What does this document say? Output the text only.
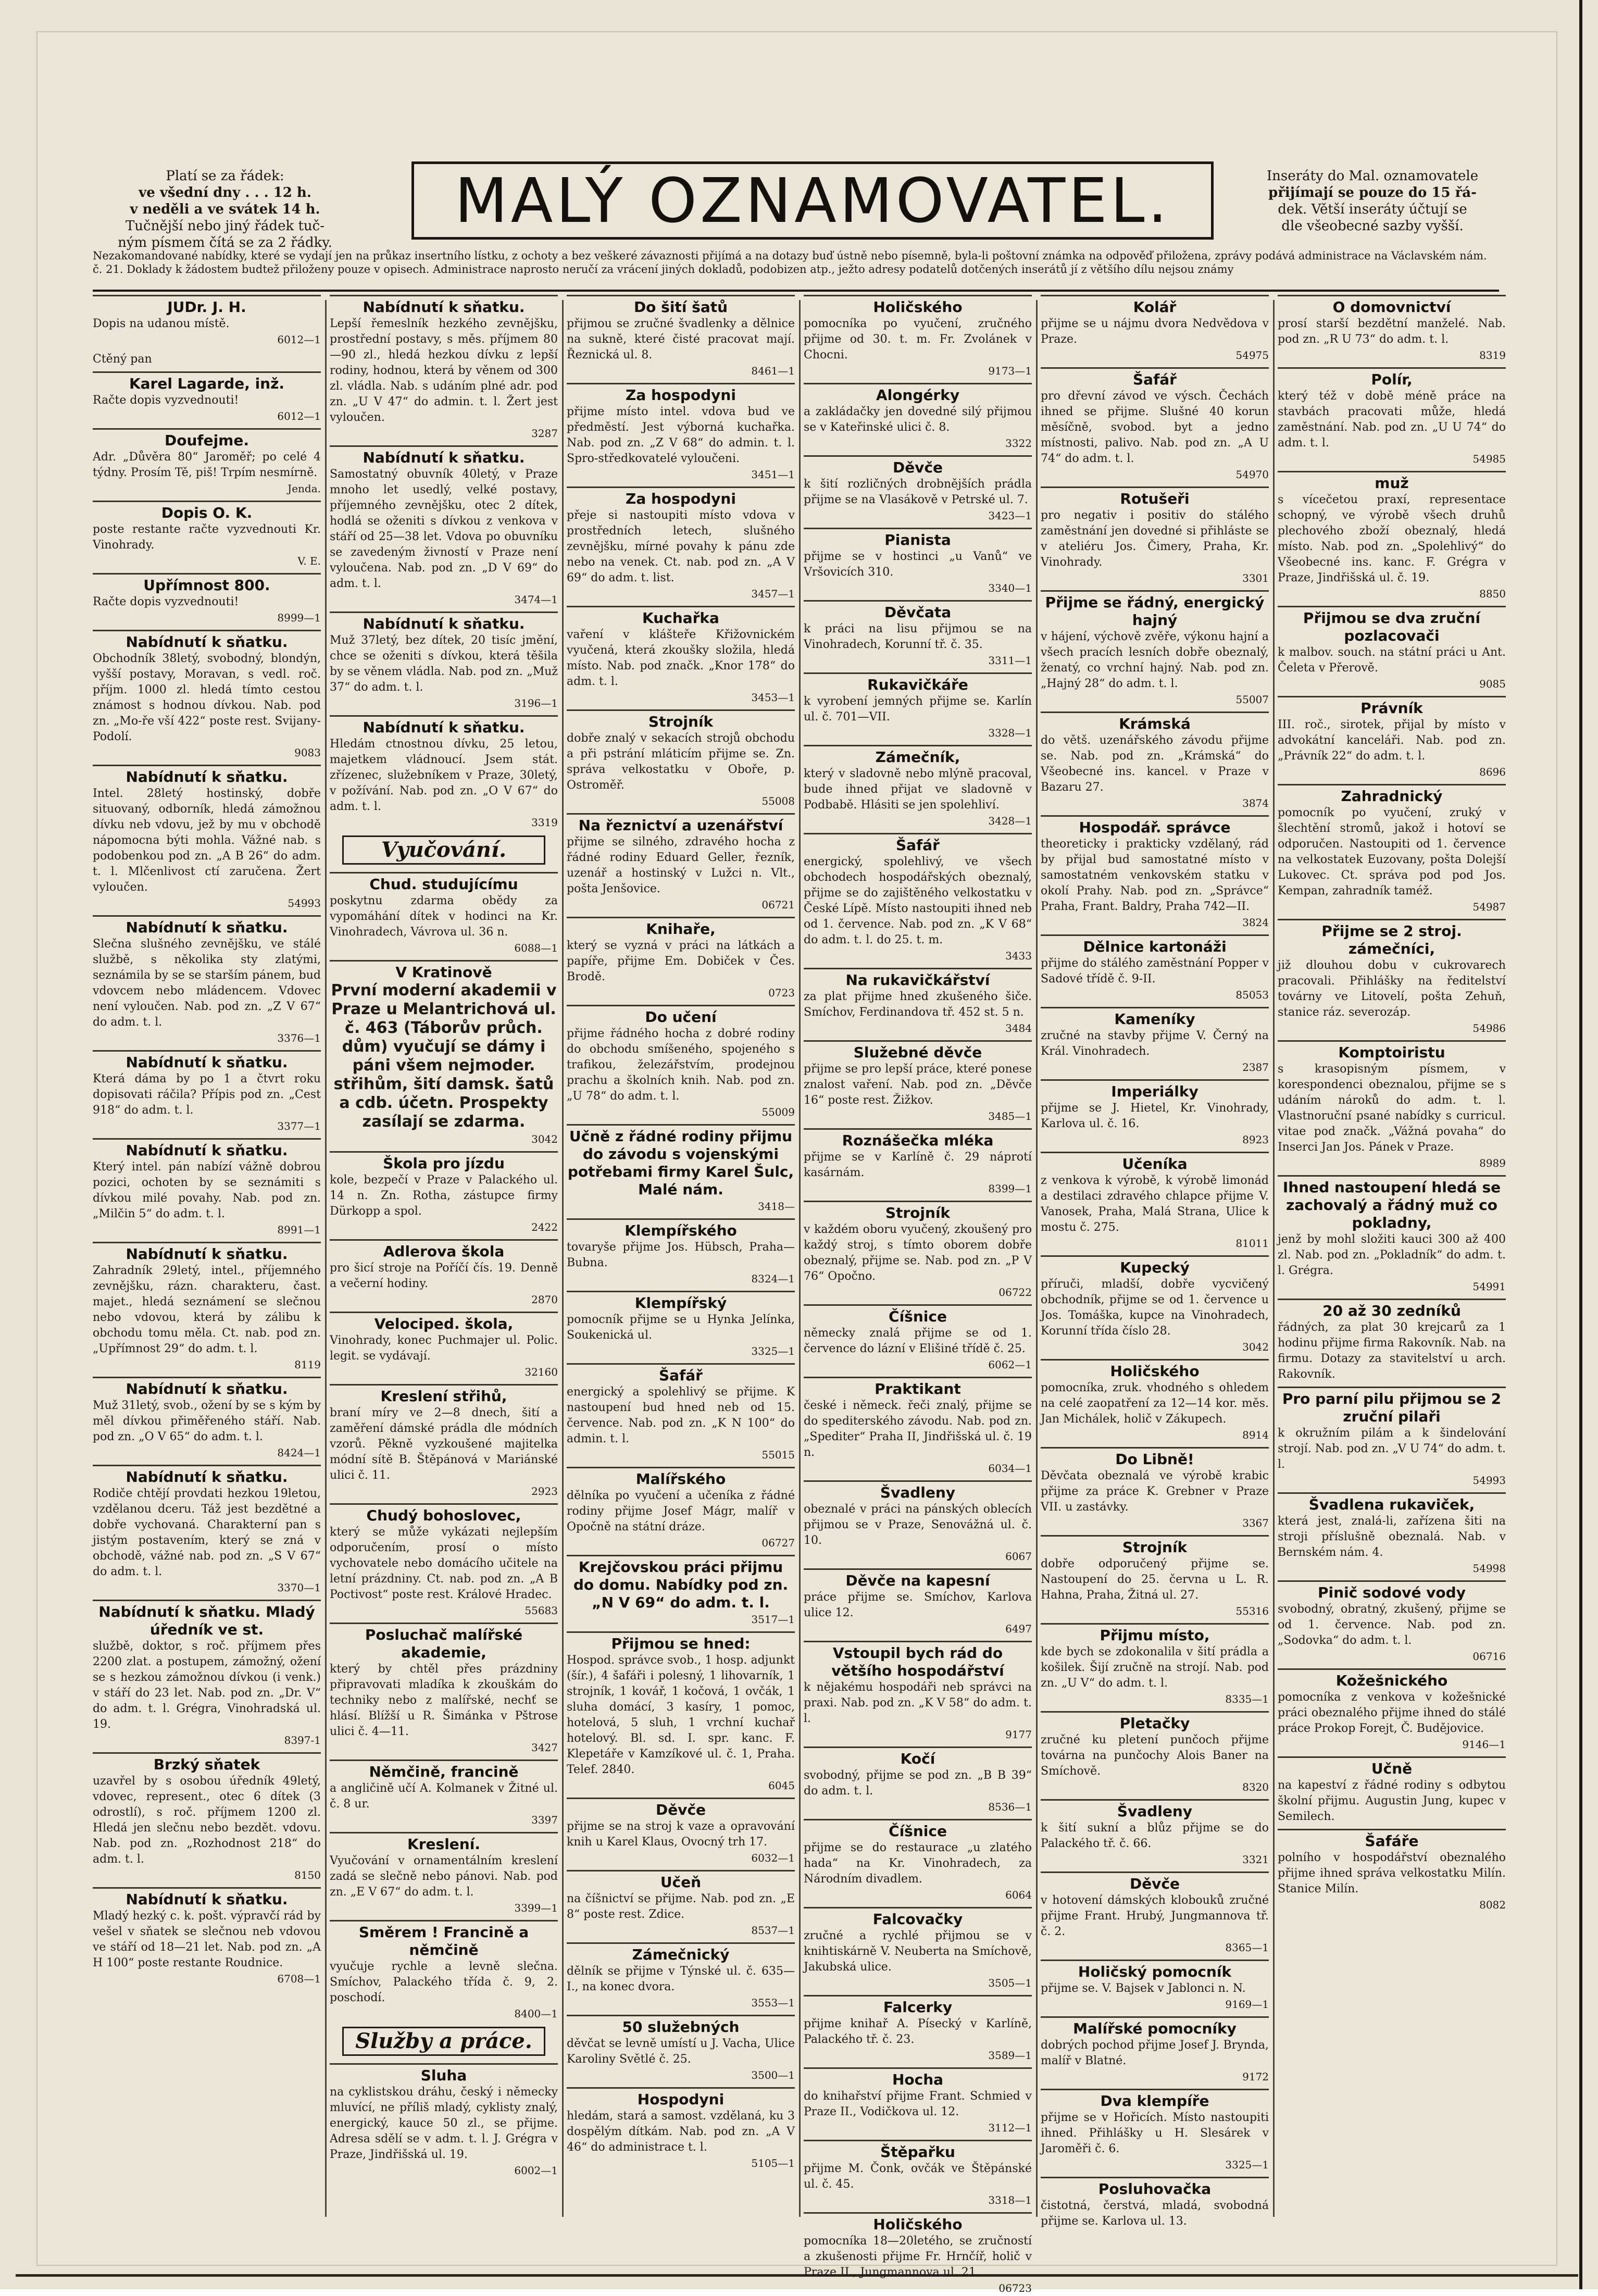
Platí se za řádek:
ve všední dny . . . 12 h.
v neděli a ve svátek 14 h.
Tučnější nebo jiný řádek tuč-
ným písmem čítá se za 2 řádky.
MALÝ OZNAMOVATEL.	Inseráty do Mal. oznamovatele
přijímají se pouze do 15 řá-
dek. Větší inseráty účtují se
dle všeobecné sazby vyšší.
Nezakomandované nabídky, které se vydají jen na průkaz insertního lístku, z ochoty a bez veškeré závaznosti přijímá a na dotazy buď ústně nebo písemně, byla-li poštovní známka na odpověď přiložena, zprávy podává administrace na Václavském nám. č. 21. Doklady k žádostem budtež přiloženy pouze v opisech. Administrace naprosto neručí za vrácení jiných dokladů, podobizen atp., ježto adresy podatelů dotčených inserátů jí z většího dílu nejsou známy
JUDr. J. H.

Dopis na udanou místě.

6012—1

Ctěný pan

Karel Lagarde, inž.

Račte dopis vyzvednouti!

6012—1
Doufejme.

Adr. „Důvěra 80“ Jaroměř; po celé 4 týdny. Prosím Tě, piš! Trpím nesmírně.

Jenda.
Dopis O. K.

poste restante račte vyzvednouti Kr. Vinohrady.

V. E.
Upřímnost 800.

Račte dopis vyzvednouti!

8999—1
Nabídnutí k sňatku.

Obchodník 38letý, svobodný, blondýn, vyšší postavy, Moravan, s vedl. roč. příjm. 1000 zl. hledá tímto cestou známost s hodnou dívkou. Nab. pod zn. „Mo-ře vší 422“ poste rest. Svijany-Podolí.

9083
Nabídnutí k sňatku.

Intel. 28letý hostinský, dobře situovaný, odborník, hledá zámožnou dívku neb vdovu, jež by mu v obchodě nápomocna býti mohla. Vážné nab. s podobenkou pod zn. „A B 26“ do adm. t. l. Mlčenlivost ctí zaručena. Žert vyloučen.

54993
Nabídnutí k sňatku.

Slečna slušného zevnějšku, ve stálé službě, s několika sty zlatými, seznámila by se se starším pánem, bud vdovcem nebo mládencem. Vdovec není vyloučen. Nab. pod zn. „Z V 67“ do adm. t. l.

3376—1
Nabídnutí k sňatku.

Která dáma by po 1 a čtvrt roku dopisovati ráčila? Přípis pod zn. „Cest 918“ do adm. t. l.

3377—1
Nabídnutí k sňatku.

Který intel. pán nabízí vážně dobrou pozici, ochoten by se seznámiti s dívkou milé povahy. Nab. pod zn. „Milčin 5“ do adm. t. l.

8991—1
Nabídnutí k sňatku.

Zahradník 29letý, intel., příjemného zevnějšku, rázn. charakteru, čast. majet., hledá seznámení se slečnou nebo vdovou, která by zálibu k obchodu tomu měla. Ct. nab. pod zn. „Upřímnost 29“ do adm. t. l.

8119
Nabídnutí k sňatku.

Muž 31letý, svob., ožení by se s kým by měl dívkou přiměřeného stáří. Nab. pod zn. „O V 65“ do adm. t. l.

8424—1
Nabídnutí k sňatku.

Rodiče chtějí provdati hezkou 19letou, vzdělanou dceru. Táž jest bezdětné a dobře vychovaná. Charakterní pan s jistým postavením, který se zná v obchodě, vážné nab. pod zn. „S V 67“ do adm. t. l.

3370—1
Nabídnutí k sňatku. Mladý úředník ve st.

službě, doktor, s roč. příjmem přes 2200 zlat. a postupem, zámožný, ožení se s hezkou zámožnou dívkou (i venk.) v stáří do 23 let. Nab. pod zn. „Dr. V“ do adm. t. l. Grégra, Vinohradská ul. 19.

8397-1
Brzký sňatek

uzavřel by s osobou úředník 49letý, vdovec, represent., otec 6 dítek (3 odrostlí), s roč. příjmem 1200 zl. Hledá jen slečnu nebo bezdět. vdovu. Nab. pod zn. „Rozhodnost 218“ do adm. t. l.

8150
Nabídnutí k sňatku.

Mladý hezký c. k. pošt. výpravčí rád by vešel v sňatek se slečnou neb vdovou ve stáří od 18—21 let. Nab. pod zn. „A H 100“ poste restante Roudnice.

6708—1
Nabídnutí k sňatku.

Lepší řemeslník hezkého zevnějšku, prostřední postavy, s měs. příjmem 80—90 zl., hledá hezkou dívku z lepší rodiny, hodnou, která by věnem od 300 zl. vládla. Nab. s udáním plné adr. pod zn. „U V 47“ do admin. t. l. Žert jest vyloučen.

3287
Nabídnutí k sňatku.

Samostatný obuvník 40letý, v Praze mnoho let usedlý, velké postavy, příjemného zevnějšku, otec 2 dítek, hodlá se oženiti s dívkou z venkova v stáří od 25—38 let. Vdova po obuvníku se zavedeným živností v Praze není vyloučena. Nab. pod zn. „D V 69“ do adm. t. l.

3474—1
Nabídnutí k sňatku.

Muž 37letý, bez dítek, 20 tisíc jmění, chce se oženiti s dívkou, která těšila by se věnem vládla. Nab. pod zn. „Muž 37“ do adm. t. l.

3196—1
Nabídnutí k sňatku.

Hledám ctnostnou dívku, 25 letou, majetkem vládnoucí. Jsem stát. zřízenec, služebníkem v Praze, 30letý, v požívání. Nab. pod zn. „O V 67“ do adm. t. l.

3319
Vyučování.
Chud. studujícímu

poskytnu zdarma obědy za vypomáhání dítek v hodinci na Kr. Vinohradech, Vávrova ul. 36 n.

6088—1
V Kratinově

První moderní akademii v Praze u Melantrichová ul. č. 463 (Táborův průch. dům) vyučují se dámy i páni všem nejmoder. střihům, šití damsk. šatů a cdb. účetn. Prospekty zasílají se zdarma.

3042
Škola pro jízdu

kole, bezpečí v Praze v Palackého ul. 14 n. Zn. Rotha, zástupce firmy Dürkopp a spol.

2422
Adlerova škola

pro šicí stroje na Poříčí čís. 19. Denně a večerní hodiny.

2870
Velociped. škola,

Vinohrady, konec Puchmajer ul. Polic. legit. se vydávají.

32160
Kreslení střihů,

braní míry ve 2—8 dnech, šití a zaměření dámské prádla dle módních vzorů. Pěkně vyzkoušené majitelka módní sítě B. Štěpánová v Mariánské ulici č. 11.

2923
Chudý bohoslovec,

který se může vykázati nejlepším odporučením, prosí o místo vychovatele nebo domácího učitele na letní prázdniny. Ct. nab. pod zn. „A B Poctivost“ poste rest. Králové Hradec.

55683
Posluchač malířské akademie,

který by chtěl přes prázdniny připravovati mladíka k zkouškám do techniky nebo z malířské, nechť se hlásí. Blížší u R. Šimánka v Pštrose ulici č. 4—11.

3427
Němčině, francině

a angličině učí A. Kolmanek v Žitné ul. č. 8 ur.

3397
Kreslení.

Vyučování v ornamentálním kreslení zadá se slečně nebo pánovi. Nab. pod zn. „E V 67“ do adm. t. l.

3399—1
Směrem ! Francině a němčině

vyučuje rychle a levně slečna. Smíchov, Palackého třída č. 9, 2. poschodí.

8400—1
Služby a práce.
Sluha

na cyklistskou dráhu, český i německy mluvící, ne příliš mladý, cyklisty znalý, energický, kauce 50 zl., se přijme. Adresa sdělí se v adm. t. l. J. Grégra v Praze, Jindřišská ul. 19.

6002—1
Do šití šatů

přijmou se zručné švadlenky a dělnice na sukně, které čisté pracovat mají. Řeznická ul. 8.

8461—1
Za hospodyni

přijme místo intel. vdova bud ve předměstí. Jest výborná kuchařka. Nab. pod zn. „Z V 68“ do admin. t. l. Spro-středkovatelé vyloučeni.

3451—1
Za hospodyni

přeje si nastoupiti místo vdova v prostředních letech, slušného zevnějšku, mírné povahy k pánu zde nebo na venek. Ct. nab. pod zn. „A V 69“ do adm. t. list.

3457—1
Kuchařka

vaření v klášteře Křižovnickém vyučená, která zkoušky složila, hledá místo. Nab. pod značk. „Knor 178“ do adm. t. l.

3453—1
Strojník

dobře znalý v sekacích strojů obchodu a při pstrání mláticím přijme se. Zn. správa velkostatku v Oboře, p. Ostroměř.

55008
Na řeznictví a uzenářství

přijme se silného, zdravého hocha z řádné rodiny Eduard Geller, řezník, uzenář a hostinský v Lužci n. Vlt., pošta Jenšovice.

06721
Knihaře,

který se vyzná v práci na látkách a papíře, přijme Em. Dobiček v Čes. Brodě.

0723
Do učení

přijme řádného hocha z dobré rodiny do obchodu smíšeného, spojeného s trafikou, železářstvím, prodejnou prachu a školních knih. Nab. pod zn. „U 78“ do adm. t. l.

55009
Učně z řádné rodiny přijmu do závodu s vojenskými potřebami firmy Karel Šulc, Malé nám.

3418—
Klempířského

tovaryše přijme Jos. Hübsch, Praha—Bubna.

8324—1
Klempířský

pomocník přijme se u Hynka Jelínka, Soukenická ul.

3325—1
Šafář

energický a spolehlivý se přijme. K nastoupení bud hned neb od 15. července. Nab. pod zn. „K N 100“ do admin. t. l.

55015
Malířského

dělníka po vyučení a učeníka z řádné rodiny přijme Josef Mágr, malíř v Opočně na státní dráze.

06727
Krejčovskou práci přijmu do domu. Nabídky pod zn. „N V 69“ do adm. t. l.

3517—1
Přijmou se hned:

Hospod. správce svob., 1 hosp. adjunkt (šír.), 4 šafáři i polesný, 1 lihovarník, 1 strojník, 1 kovář, 1 kočová, 1 ovčák, 1 sluha domácí, 3 kasíry, 1 pomoc, hotelová, 5 sluh, 1 vrchní kuchař hotelový. Bl. sd. I. spr. kanc. F. Klepetáře v Kamzíkové ul. č. 1, Praha. Telef. 2840.

6045
Děvče

přijme se na stroj k vaze a opravování knih u Karel Klaus, Ovocný trh 17.

6032—1
Učeň

na číšnictví se přijme. Nab. pod zn. „E 8“ poste rest. Zdice.

8537—1
Zámečnický

dělník se přijme v Týnské ul. č. 635—I., na konec dvora.

3553—1
50 služebných

děvčat se levně umístí u J. Vacha, Ulice Karoliny Světlé č. 25.

3500—1
Hospodyni

hledám, stará a samost. vzdělaná, ku 3 dospělým dítkám. Nab. pod zn. „A V 46“ do administrace t. l.

5105—1
Holičského

pomocníka po vyučení, zručného přijme od 30. t. m. Fr. Zvolánek v Chocni.

9173—1
Alongérky

a zakládačky jen dovedné silý přijmou se v Kateřinské ulici č. 8.

3322
Děvče

k šití rozličných drobnějších prádla přijme se na Vlasákově v Petrské ul. 7.

3423—1
Pianista

přijme se v hostinci „u Vanů“ ve Vršovicích 310.

3340—1
Děvčata

k práci na lisu přijmou se na Vinohradech, Korunní tř. č. 35.

3311—1
Rukavičkáře

k vyrobení jemných přijme se. Karlín ul. č. 701—VII.

3328—1
Zámečník,

který v sladovně nebo mlýně pracoval, bude ihned přijat ve sladovně v Podbabě. Hlásiti se jen spolehliví.

3428—1
Šafář

energický, spolehlivý, ve všech obchodech hospodářských obeznalý, přijme se do zajištěného velkostatku v České Lípě. Místo nastoupiti ihned neb od 1. července. Nab. pod zn. „K V 68“ do adm. t. l. do 25. t. m.

3433
Na rukavičkářství

za plat přijme hned zkušeného šiče. Smíchov, Ferdinandova tř. 452 st. 5 n.

3484
Služebné děvče

přijme se pro lepší práce, které ponese znalost vaření. Nab. pod zn. „Děvče 16“ poste rest. Žižkov.

3485—1
Roznášečka mléka

přijme se v Karlíně č. 29 náprotí kasárnám.

8399—1
Strojník

v každém oboru vyučený, zkoušený pro každý stroj, s tímto oborem dobře obeznalý, přijme se. Nab. pod zn. „P V 76“ Opočno.

06722
Číšnice

německy znalá přijme se od 1. července do lázní v Elišiné třídě č. 25.

6062—1
Praktikant

české i německ. řeči znalý, přijme se do spediterského závodu. Nab. pod zn. „Spediter“ Praha II, Jindřišská ul. č. 19 n.

6034—1
Švadleny

obeznalé v práci na pánských oblecích přijmou se v Praze, Senovážná ul. č. 10.

6067
Děvče na kapesní

práce přijme se. Smíchov, Karlova ulice 12.

6497
Vstoupil bych rád do většího hospodářství

k nějakému hospodáři neb správci na praxi. Nab. pod zn. „K V 58“ do adm. t. l.

9177
Kočí

svobodný, přijme se pod zn. „B B 39“ do adm. t. l.

8536—1
Číšnice

přijme se do restaurace „u zlatého hada“ na Kr. Vinohradech, za Národním divadlem.

6064
Falcovačky

zručné a rychlé přijmou se v knihtiskárně V. Neuberta na Smíchově, Jakubská ulice.

3505—1
Falcerky

přijme knihař A. Písecký v Karlíně, Palackého tř. č. 23.

3589—1
Hocha

do knihařství přijme Frant. Schmied v Praze II., Vodičkova ul. 12.

3112—1
Štěpařku

přijme M. Čonk, ovčák ve Štěpánské ul. č. 45.

3318—1
Holičského

pomocníka 18—20letého, se zručností a zkušenosti přijme Fr. Hrnčíř, holič v Praze II., Jungmannova ul. 21.

06723
Kolář

přijme se u nájmu dvora Nedvědova v Praze.

54975
Šafář

pro dřevní závod ve výsch. Čechách ihned se přijme. Slušné 40 korun měsíčně, svobod. byt a jedno místnosti, palivo. Nab. pod zn. „A U 74“ do adm. t. l.

54970
Rotušeři

pro negativ i positiv do stálého zaměstnání jen dovedné si přihláste se v ateliéru Jos. Čimery, Praha, Kr. Vinohrady.

3301
Přijme se řádný, energický hajný

v hájení, výchově zvěře, výkonu hajní a všech pracích lesních dobře obeznalý, ženatý, co vrchní hajný. Nab. pod zn. „Hajný 28“ do adm. t. l.

55007
Krámská

do větš. uzenářského závodu přijme se. Nab. pod zn. „Krámská“ do Všeobecné ins. kancel. v Praze v Bazaru 27.

3874
Hospodář. správce

theoreticky i prakticky vzdělaný, rád by přijal bud samostatné místo v samostatném venkovském statku v okolí Prahy. Nab. pod zn. „Správce“ Praha, Frant. Baldry, Praha 742—II.

3824
Dělnice kartonáži

přijme do stálého zaměstnání Popper v Sadové třídě č. 9-II.

85053
Kameníky

zručné na stavby přijme V. Černý na Král. Vinohradech.

2387
Imperiálky

přijme se J. Hietel, Kr. Vinohrady, Karlova ul. č. 16.

8923
Učeníka

z venkova k výrobě, k výrobě limonád a destilaci zdravého chlapce přijme V. Vanosek, Praha, Malá Strana, Ulice k mostu č. 275.

81011
Kupecký

příruči, mladší, dobře vycvičený obchodník, přijme se od 1. července u Jos. Tomáška, kupce na Vinohradech, Korunní třída číslo 28.

3042
Holičského

pomocníka, zruk. vhodného s ohledem na celé zaopatření za 12—14 kor. měs. Jan Michálek, holič v Zákupech.

8914
Do Libně!

Děvčata obeznalá ve výrobě krabic přijme za práce K. Grebner v Praze VII. u zastávky.

3367
Strojník

dobře odporučený přijme se. Nastoupení do 25. června u L. R. Hahna, Praha, Žitná ul. 27.

55316
Přijmu místo,

kde bych se zdokonalila v šití prádla a košilek. Šijí zručně na strojí. Nab. pod zn. „U V“ do adm. t. l.

8335—1
Pletačky

zručné ku pletení punčoch přijme továrna na punčochy Alois Baner na Smíchově.

8320
Švadleny

k šití sukní a blůz přijme se do Palackého tř. č. 66.

3321
Děvče

v hotovení dámských klobouků zručné přijme Frant. Hrubý, Jungmannova tř. č. 2.

8365—1
Holičský pomocník

přijme se. V. Bajsek v Jablonci n. N.

9169—1
Malířské pomocníky

dobrých pochod přijme Josef J. Brynda, malíř v Blatné.

9172
Dva klempíře

přijme se v Hořicích. Místo nastoupiti ihned. Přihlášky u H. Slesárek v Jaroměři č. 6.

3325—1
Posluhovačka

čistotná, čerstvá, mladá, svobodná přijme se. Karlova ul. 13.

O domovnictví

prosí starší bezdětní manželé. Nab. pod zn. „R U 73“ do adm. t. l.

8319
Polír,

který též v době méně práce na stavbách pracovati může, hledá zaměstnání. Nab. pod zn. „U U 74“ do adm. t. l.

54985
muž

s vícečetou praxí, representace schopný, ve výrobě všech druhů plechového zboží obeznalý, hledá místo. Nab. pod zn. „Spolehlivý“ do Všeobecné ins. kanc. F. Grégra v Praze, Jindřišská ul. č. 19.

8850
Přijmou se dva zruční pozlacovači

k malbov. souch. na státní práci u Ant. Čeleta v Přerově.

9085
Právník

III. roč., sirotek, přijal by místo v advokátní kanceláři. Nab. pod zn. „Právník 22“ do adm. t. l.

8696
Zahradnický

pomocník po vyučení, zruký v šlechtění stromů, jakož i hotoví se odporučen. Nastoupiti od 1. července na velkostatek Euzovany, pošta Dolejší Lukovec. Ct. správa pod pod Jos. Kempan, zahradník taméž.

54987
Přijme se 2 stroj. zámečníci,

již dlouhou dobu v cukrovarech pracovali. Přihlášky na ředitelství továrny ve Litovelí, pošta Zehuň, stanice ráz. severozáp.

54986
Komptoiristu

s krasopisným písmem, v korespondenci obeznalou, přijme se s udáním nároků do adm. t. l. Vlastnoruční psané nabídky s curricul. vitae pod značk. „Vážná povaha“ do Inserci Jan Jos. Pánek v Praze.

8989
Ihned nastoupení hledá se zachovalý a řádný muž co pokladny,

jenž by mohl složiti kauci 300 až 400 zl. Nab. pod zn. „Pokladník“ do adm. t. l. Grégra.

54991
20 až 30 zedníků

řádných, za plat 30 krejcarů za 1 hodinu přijme firma Rakovník. Nab. na firmu. Dotazy za stavitelství u arch. Rakovník.

Pro parní pilu přijmou se 2 zruční pilaři

k okružním pilám a k šindelování strojí. Nab. pod zn. „V U 74“ do adm. t. l.

54993
Švadlena rukaviček,

která jest, znalá-li, zařízena šiti na stroji příslušně obeznalá. Nab. v Bernském nám. 4.

54998
Pinič sodové vody

svobodný, obratný, zkušený, přijme se od 1. července. Nab. pod zn. „Sodovka“ do adm. t. l.

06716
Kožešnického

pomocníka z venkova v kožešnické práci obeznalého přijme ihned do stálé práce Prokop Forejt, Č. Budějovice.

9146—1
Učně

na kapeství z řádné rodiny s odbytou školní přijmu. Augustin Jung, kupec v Semilech.

Šafáře

polního v hospodářství obeznalého přijme ihned správa velkostatku Milín. Stanice Milín.

8082
